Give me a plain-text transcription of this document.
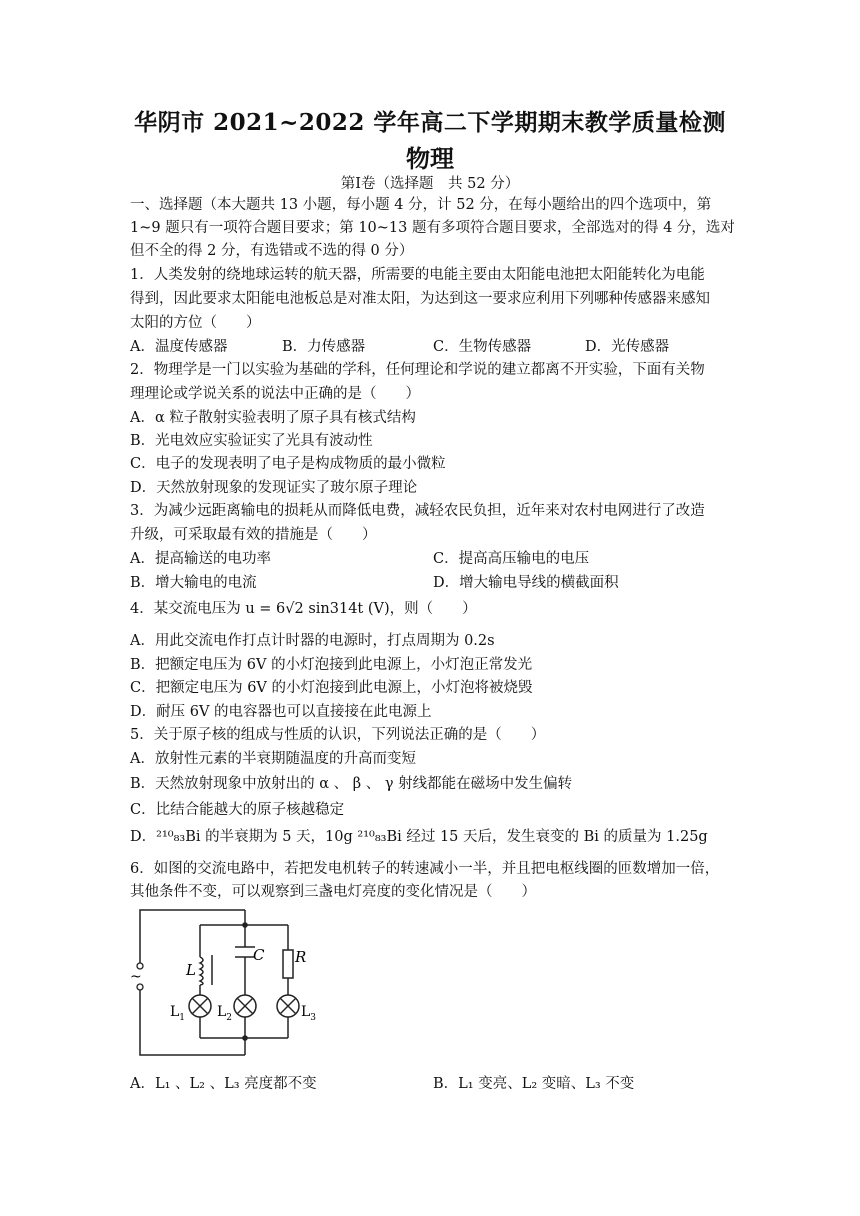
华阴市 2021~2022 学年高二下学期期末教学质量检测
物理
第Ⅰ卷（选择题　共 52 分）
一、选择题（本大题共 13 小题，每小题 4 分，计 52 分，在每小题给出的四个选项中，第
1~9 题只有一项符合题目要求；第 10~13 题有多项符合题目要求，全部选对的得 4 分，选对
但不全的得 2 分，有选错或不选的得 0 分）
1．人类发射的绕地球运转的航天器，所需要的电能主要由太阳能电池把太阳能转化为电能
得到，因此要求太阳能电池板总是对准太阳，为达到这一要求应利用下列哪种传感器来感知
太阳的方位（　　）
A．温度传感器	B．力传感器	C．生物传感器	D．光传感器
2．物理学是一门以实验为基础的学科，任何理论和学说的建立都离不开实验，下面有关物
理理论或学说关系的说法中正确的是（　　）
A．α 粒子散射实验表明了原子具有核式结构
B．光电效应实验证实了光具有波动性
C．电子的发现表明了电子是构成物质的最小微粒
D．天然放射现象的发现证实了玻尔原子理论
3．为减少远距离输电的损耗从而降低电费，减轻农民负担，近年来对农村电网进行了改造
升级，可采取最有效的措施是（　　）
A．提高输送的电功率	C．提高高压输电的电压
B．增大输电的电流	D．增大输电导线的横截面积
4．某交流电压为 u = 6√2 sin314t (V)，则（　　）
A．用此交流电作打点计时器的电源时，打点周期为 0.2s
B．把额定电压为 6V 的小灯泡接到此电源上，小灯泡正常发光
C．把额定电压为 6V 的小灯泡接到此电源上，小灯泡将被烧毁
D．耐压 6V 的电容器也可以直接接在此电源上
5．关于原子核的组成与性质的认识，下列说法正确的是（　　）
A．放射性元素的半衰期随温度的升高而变短
B．天然放射现象中放射出的 α 、 β 、 γ 射线都能在磁场中发生偏转
C．比结合能越大的原子核越稳定
D．²¹⁰₈₃Bi 的半衰期为 5 天，10g ²¹⁰₈₃Bi 经过 15 天后，发生衰变的 Bi 的质量为 1.25g
6．如图的交流电路中，若把发电机转子的转速减小一半，并且把电枢线圈的匝数增加一倍，
其他条件不变，可以观察到三盏电灯亮度的变化情况是（　　）
~	L
C R
$L_1$ $L_2$	$L_3$
A．L₁ 、L₂ 、L₃ 亮度都不变	B．L₁ 变亮、L₂ 变暗、L₃ 不变
